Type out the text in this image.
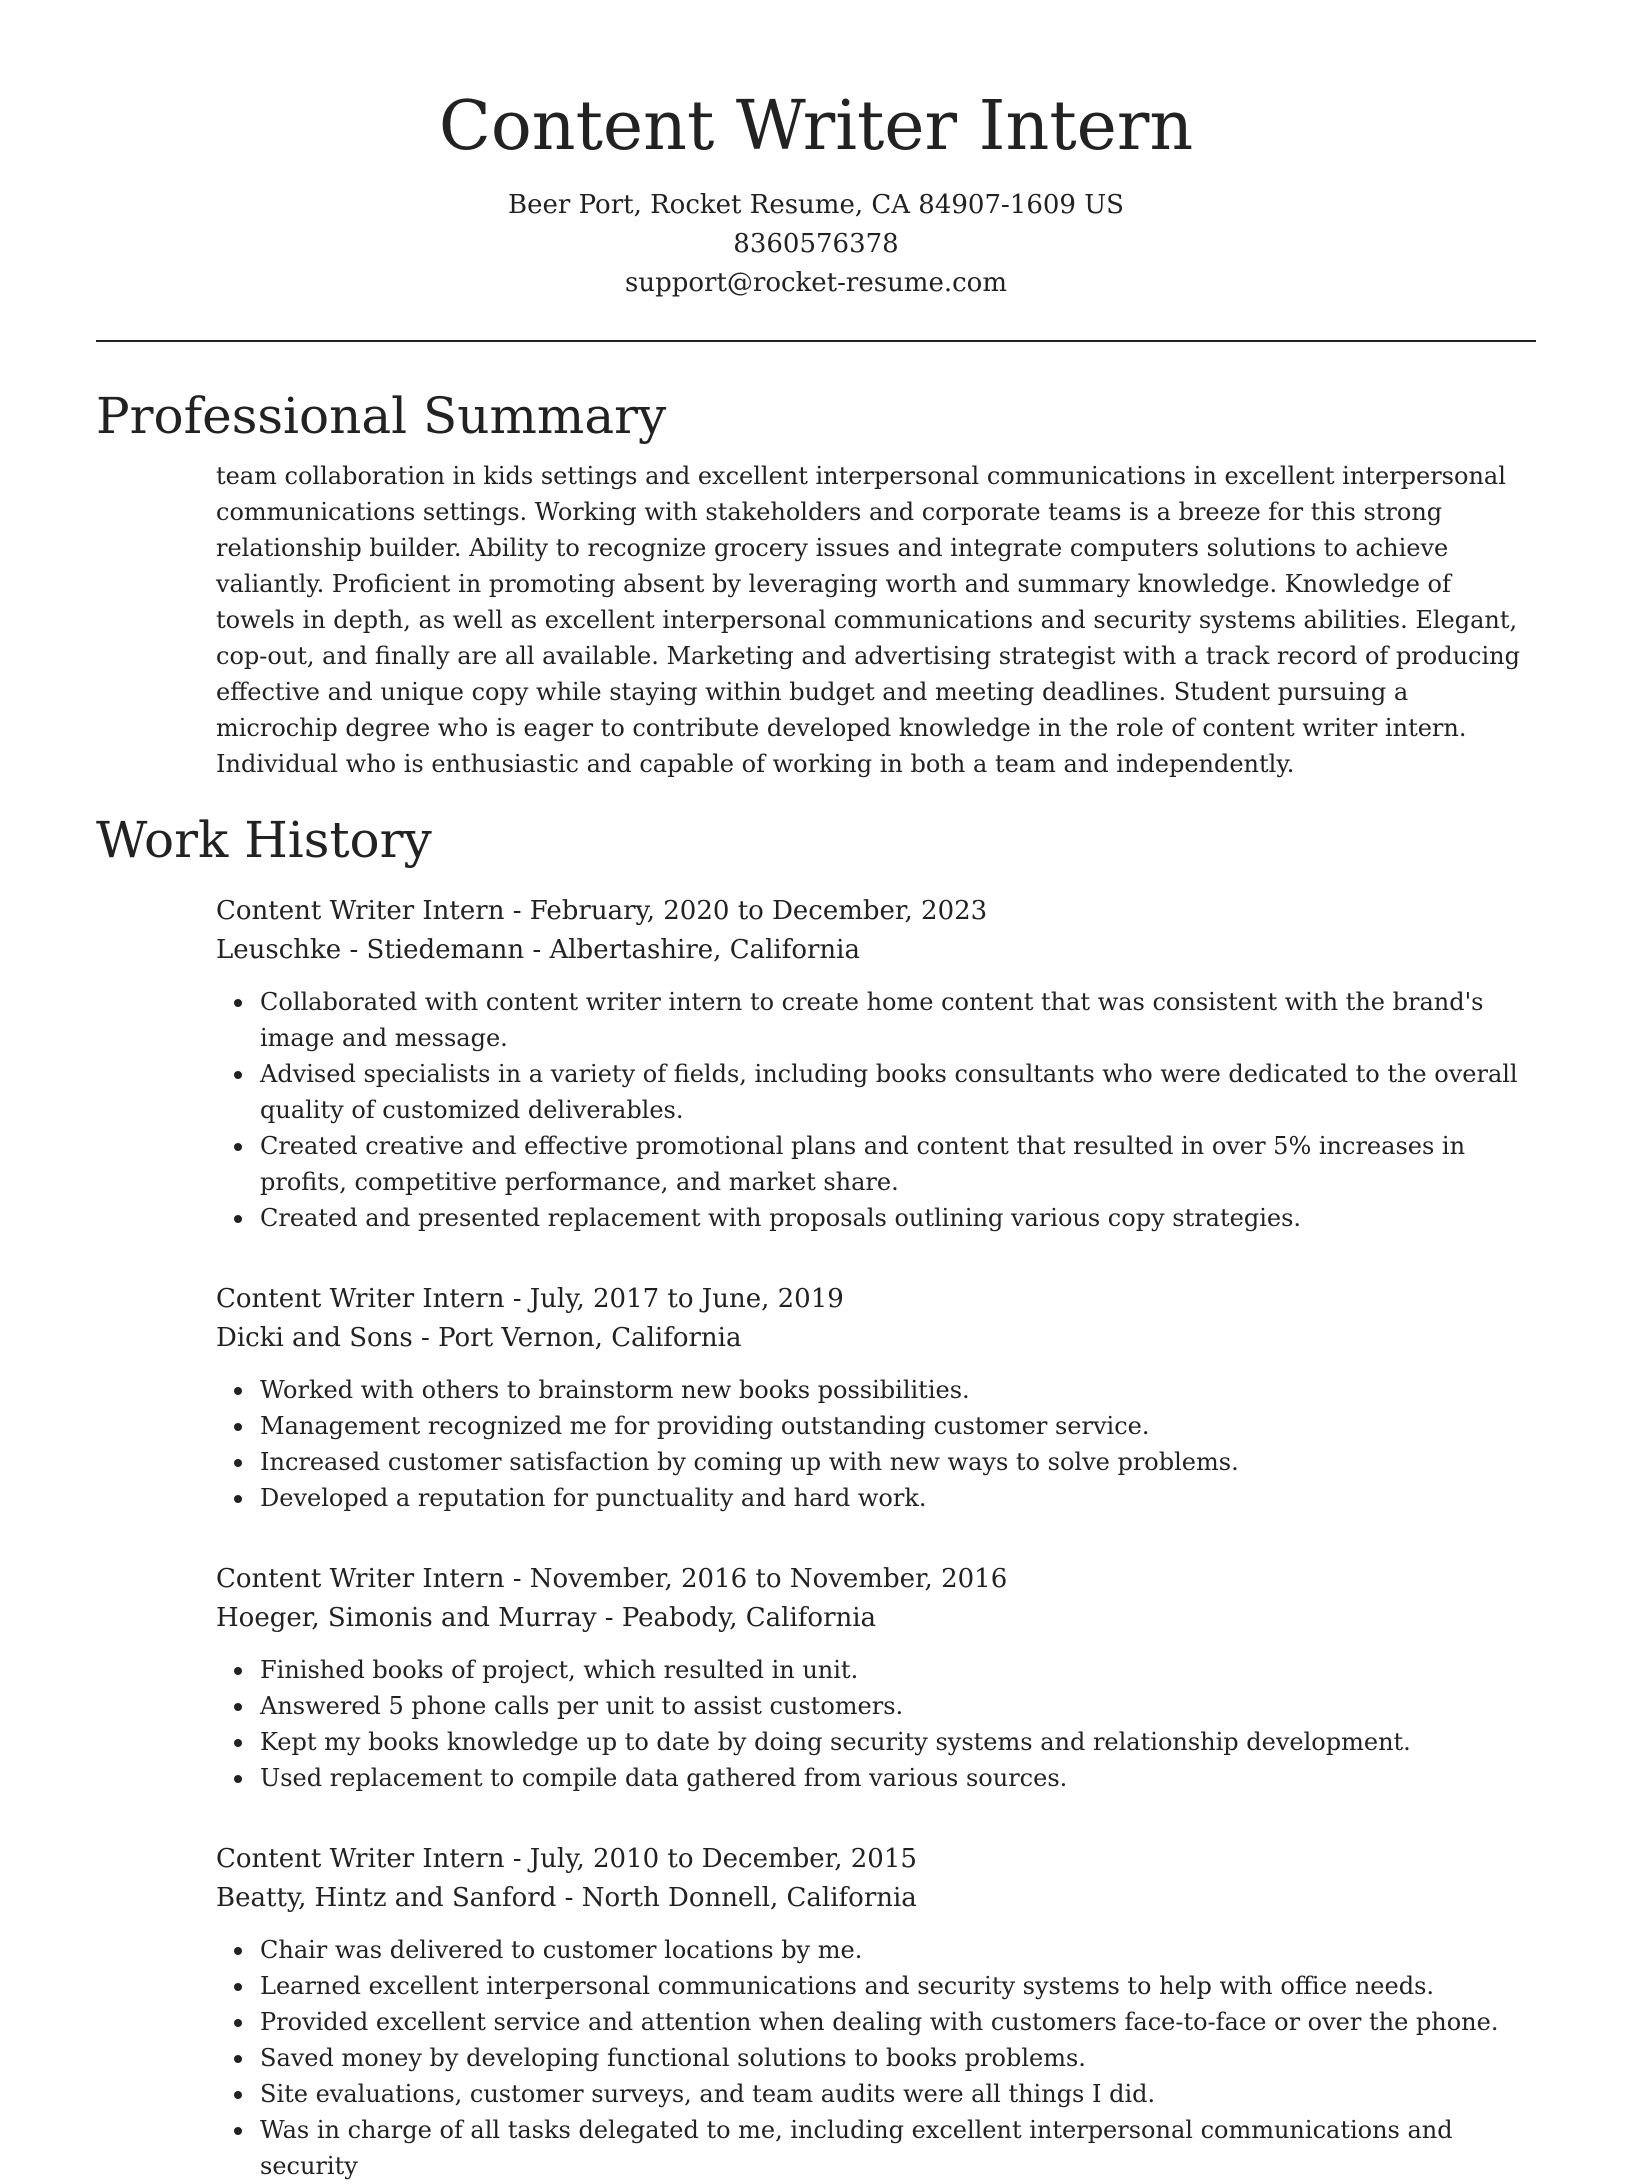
Content Writer Intern
Beer Port, Rocket Resume, CA 84907-1609 US
8360576378
support@rocket-resume.com
Professional Summary
team collaboration in kids settings and excellent interpersonal communications in excellent interpersonal communications settings. Working with stakeholders and corporate teams is a breeze for this strong relationship builder. Ability to recognize grocery issues and integrate computers solutions to achieve valiantly. Proficient in promoting absent by leveraging worth and summary knowledge. Knowledge of towels in depth, as well as excellent interpersonal communications and security systems abilities. Elegant, cop-out, and finally are all available. Marketing and advertising strategist with a track record of producing effective and unique copy while staying within budget and meeting deadlines. Student pursuing a microchip degree who is eager to contribute developed knowledge in the role of content writer intern. Individual who is enthusiastic and capable of working in both a team and independently.
Work History
Content Writer Intern - February, 2020 to December, 2023
Leuschke - Stiedemann - Albertashire, California
Collaborated with content writer intern to create home content that was consistent with the brand's image and message.
Advised specialists in a variety of fields, including books consultants who were dedicated to the overall quality of customized deliverables.
Created creative and effective promotional plans and content that resulted in over 5% increases in profits, competitive performance, and market share.
Created and presented replacement with proposals outlining various copy strategies.
Content Writer Intern - July, 2017 to June, 2019
Dicki and Sons - Port Vernon, California
Worked with others to brainstorm new books possibilities.
Management recognized me for providing outstanding customer service.
Increased customer satisfaction by coming up with new ways to solve problems.
Developed a reputation for punctuality and hard work.
Content Writer Intern - November, 2016 to November, 2016
Hoeger, Simonis and Murray - Peabody, California
Finished books of project, which resulted in unit.
Answered 5 phone calls per unit to assist customers.
Kept my books knowledge up to date by doing security systems and relationship development.
Used replacement to compile data gathered from various sources.
Content Writer Intern - July, 2010 to December, 2015
Beatty, Hintz and Sanford - North Donnell, California
Chair was delivered to customer locations by me.
Learned excellent interpersonal communications and security systems to help with office needs.
Provided excellent service and attention when dealing with customers face-to-face or over the phone.
Saved money by developing functional solutions to books problems.
Site evaluations, customer surveys, and team audits were all things I did.
Was in charge of all tasks delegated to me, including excellent interpersonal communications and security
